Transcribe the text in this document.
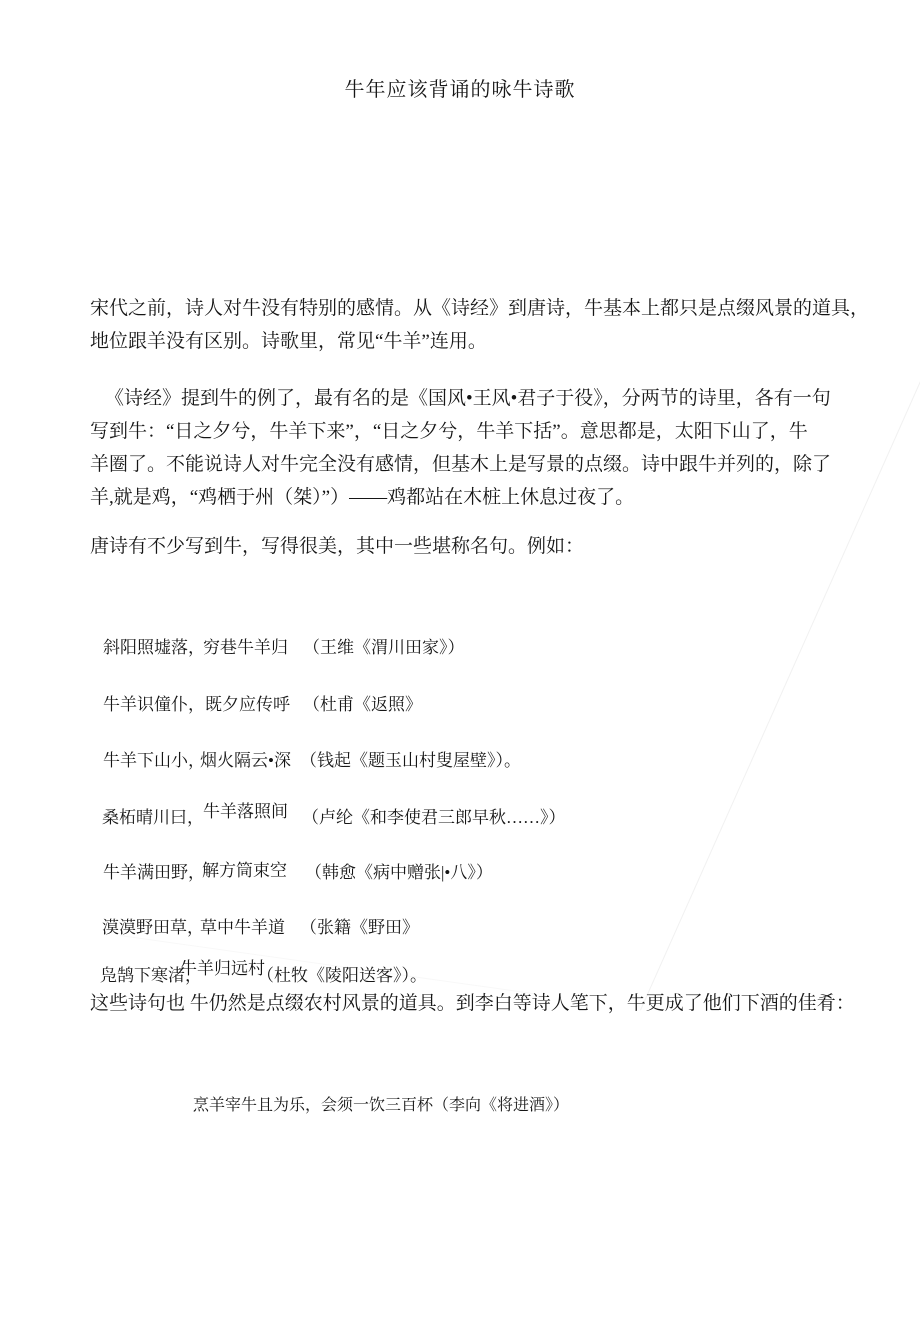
牛年应该背诵的咏牛诗歌
宋代之前，诗人对牛没有特别的感情。从《诗经》到唐诗，牛基本上都只是点缀风景的道具，
地位跟羊没有区别。诗歌里，常见“牛羊”连用。
《诗经》提到牛的例了，最有名的是《国风•王风•君子于役》，分两节的诗里，各有一句
写到牛：“日之夕兮，牛羊下来”，“日之夕兮，牛羊下括”。意思都是，太阳下山了，牛
羊圈了。不能说诗人对牛完全没有感情，但基木上是写景的点缀。诗中跟牛并列的，除了
羊,就是鸡，“鸡栖于州（桀）”）——鸡都站在木桩上休息过夜了。
唐诗有不少写到牛，写得很美，其中一些堪称名句。例如：
斜阳照墟落，
穷巷牛羊归 （王维《渭川田家》）
牛羊识僮仆， 既夕应传呼 （杜甫《返照》
牛羊下山小，
烟火隔云•深 （钱起《题玉山村叟屋壁》）。
桑柘晴川曰， 牛羊落照间 （卢纶《和李使君三郎早秋……》）
牛羊满田野，
解方筒束空 （韩愈《病中赠张|•八》）
漠漠野田草，
草中牛羊道 （张籍《野田》
凫鹄下寒渚，
牛羊归远村
（杜牧《陵阳送客》）。
这些诗句也 牛仍然是点缀农村风景的道具。到李白等诗人笔下，牛更成了他们下酒的佳肴：
烹羊宰牛且为乐，会须一饮三百杯（李向《将进酒》）
